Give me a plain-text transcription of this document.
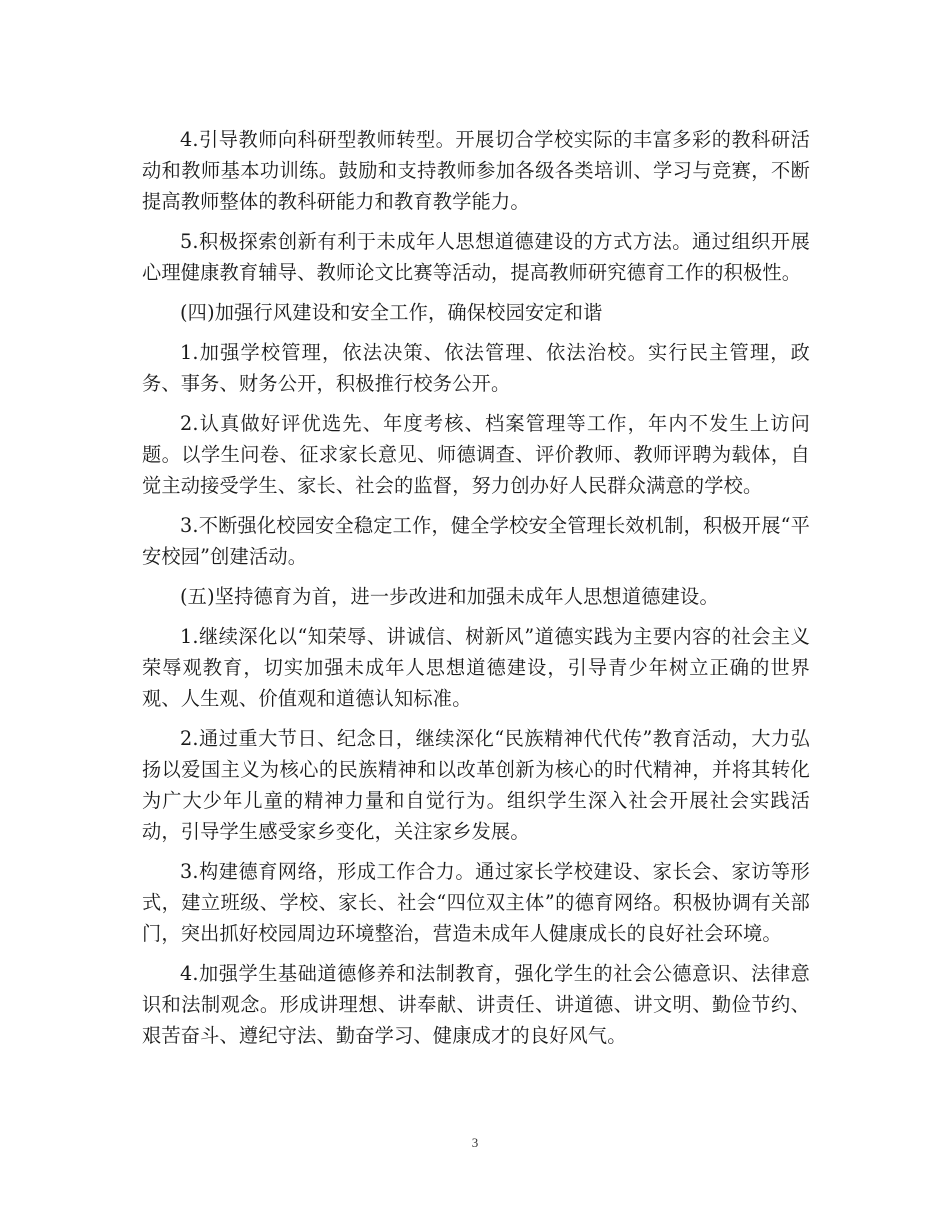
4.引导教师向科研型教师转型。开展切合学校实际的丰富多彩的教科研活动和教师基本功训练。鼓励和支持教师参加各级各类培训、学习与竞赛，不断提高教师整体的教科研能力和教育教学能力。

5.积极探索创新有利于未成年人思想道德建设的方式方法。通过组织开展心理健康教育辅导、教师论文比赛等活动，提高教师研究德育工作的积极性。

(四)加强行风建设和安全工作，确保校园安定和谐

1.加强学校管理，依法决策、依法管理、依法治校。实行民主管理，政务、事务、财务公开，积极推行校务公开。

2.认真做好评优选先、年度考核、档案管理等工作，年内不发生上访问题。以学生问卷、征求家长意见、师德调查、评价教师、教师评聘为载体，自觉主动接受学生、家长、社会的监督，努力创办好人民群众满意的学校。

3.不断强化校园安全稳定工作，健全学校安全管理长效机制，积极开展“平安校园”创建活动。

(五)坚持德育为首，进一步改进和加强未成年人思想道德建设。

1.继续深化以“知荣辱、讲诚信、树新风”道德实践为主要内容的社会主义荣辱观教育，切实加强未成年人思想道德建设，引导青少年树立正确的世界观、人生观、价值观和道德认知标准。

2.通过重大节日、纪念日，继续深化“民族精神代代传”教育活动，大力弘扬以爱国主义为核心的民族精神和以改革创新为核心的时代精神，并将其转化为广大少年儿童的精神力量和自觉行为。组织学生深入社会开展社会实践活动，引导学生感受家乡变化，关注家乡发展。

3.构建德育网络，形成工作合力。通过家长学校建设、家长会、家访等形式，建立班级、学校、家长、社会“四位双主体”的德育网络。积极协调有关部门，突出抓好校园周边环境整治，营造未成年人健康成长的良好社会环境。

4.加强学生基础道德修养和法制教育，强化学生的社会公德意识、法律意识和法制观念。形成讲理想、讲奉献、讲责任、讲道德、讲文明、勤俭节约、艰苦奋斗、遵纪守法、勤奋学习、健康成才的良好风气。

3
